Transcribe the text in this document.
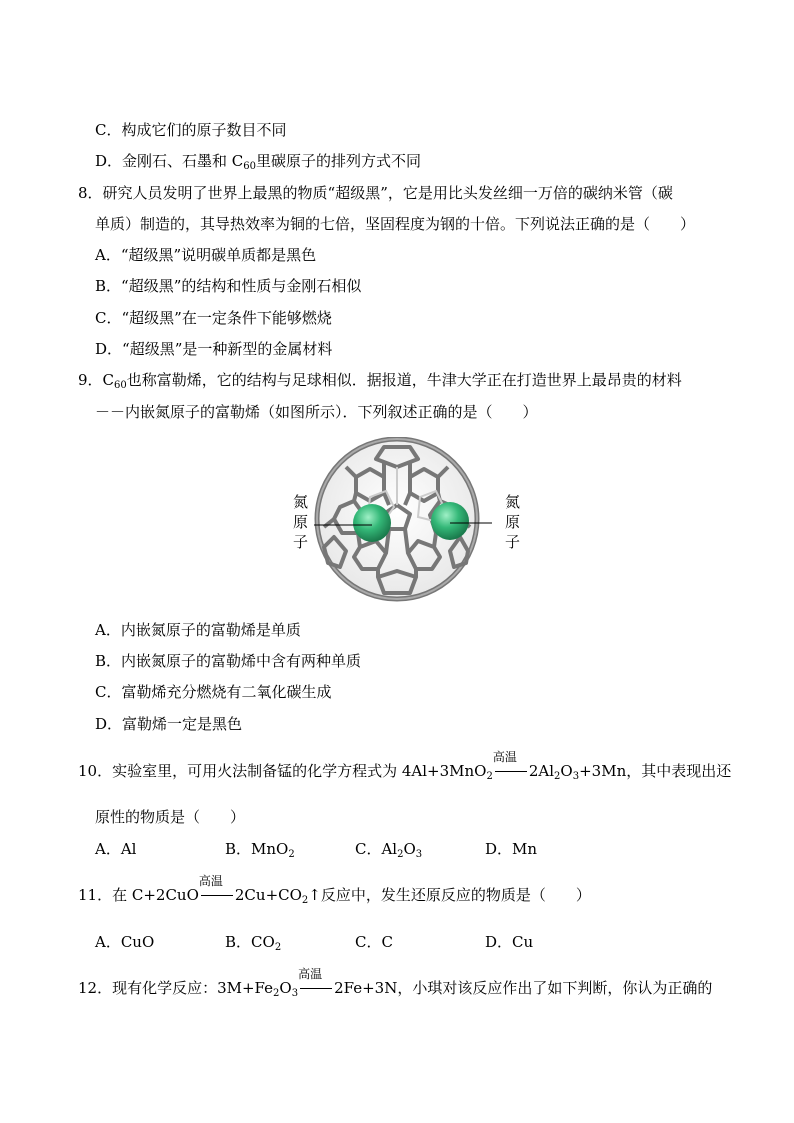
C．构成它们的原子数目不同
D．金刚石、石墨和 $C_{60}$里碳原子的排列方式不同
8．研究人员发明了世界上最黑的物质“超级黑”，它是用比头发丝细一万倍的碳纳米管（碳
单质）制造的，其导热效率为铜的七倍，坚固程度为钢的十倍。下列说法正确的是（　　）
A．“超级黑”说明碳单质都是黑色
B．“超级黑”的结构和性质与金刚石相似
C．“超级黑”在一定条件下能够燃烧
D．“超级黑”是一种新型的金属材料
9．$C_{60}$也称富勒烯，它的结构与足球相似．据报道，牛津大学正在打造世界上最昂贵的材料
－－内嵌氮原子的富勒烯（如图所示）．下列叙述正确的是（　　）
氮
原
子
氮
原
子
A．内嵌氮原子的富勒烯是单质
B．内嵌氮原子的富勒烯中含有两种单质
C．富勒烯充分燃烧有二氧化碳生成
D．富勒烯一定是黑色
10．实验室里，可用火法制备锰的化学方程式为 4Al+3MnO$_2$
高温
$2Al_2O_3+3Mn$，其中表现出还
原性的物质是（　　）
A．Al	B．MnO$_2$	C．$Al_2O_3$	D．Mn
11．在 C+2CuO
高温
$2Cu+CO_2↑$反应中，发生还原反应的物质是（　　）
A．CuO	B．$CO_2$	C．C	D．Cu
12．现有化学反应：$3M+Fe_2O_3$
高温
2Fe+3N，小琪对该反应作出了如下判断，你认为正确的
